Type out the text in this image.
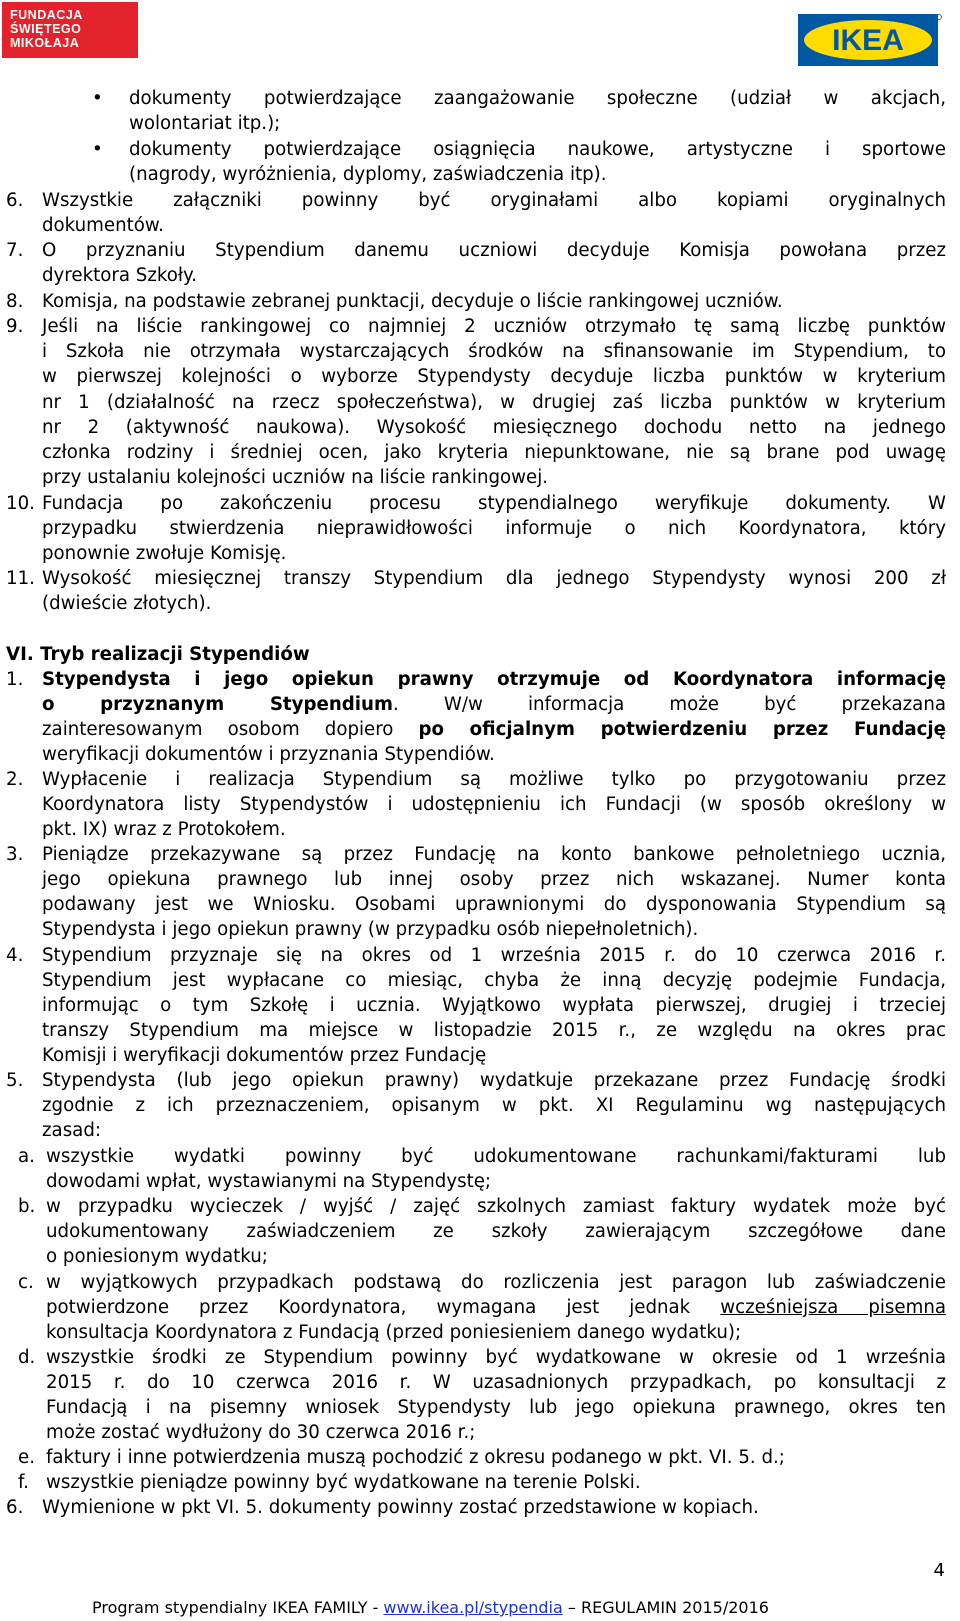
FUNDACJA
ŚWIĘTEGO
MIKOŁAJA	IKEA
• dokumenty potwierdzające zaangażowanie społeczne (udział w akcjach,
wolontariat itp.);
• dokumenty potwierdzające osiągnięcia naukowe, artystyczne i sportowe
(nagrody, wyróżnienia, dyplomy, zaświadczenia itp).
6. Wszystkie załączniki powinny być oryginałami albo kopiami oryginalnych
dokumentów.
7. O przyznaniu Stypendium danemu uczniowi decyduje Komisja powołana przez
dyrektora Szkoły.
8. Komisja, na podstawie zebranej punktacji, decyduje o liście rankingowej uczniów.
9. Jeśli na liście rankingowej co najmniej 2 uczniów otrzymało tę samą liczbę punktów
i Szkoła nie otrzymała wystarczających środków na sfinansowanie im Stypendium, to
w pierwszej kolejności o wyborze Stypendysty decyduje liczba punktów w kryterium
nr 1 (działalność na rzecz społeczeństwa), w drugiej zaś liczba punktów w kryterium
nr 2 (aktywność naukowa). Wysokość miesięcznego dochodu netto na jednego
członka rodziny i średniej ocen, jako kryteria niepunktowane, nie są brane pod uwagę
przy ustalaniu kolejności uczniów na liście rankingowej.
10. Fundacja po zakończeniu procesu stypendialnego weryfikuje dokumenty. W
przypadku stwierdzenia nieprawidłowości informuje o nich Koordynatora, który
ponownie zwołuje Komisję.
11. Wysokość miesięcznej transzy Stypendium dla jednego Stypendysty wynosi 200 zł
(dwieście złotych).
VI. Tryb realizacji Stypendiów
1. Stypendysta i jego opiekun prawny otrzymuje od Koordynatora informację
o przyznanym Stypendium. W/w informacja może być przekazana
zainteresowanym osobom dopiero po oficjalnym potwierdzeniu przez Fundację
weryfikacji dokumentów i przyznania Stypendiów.
2. Wypłacenie i realizacja Stypendium są możliwe tylko po przygotowaniu przez
Koordynatora listy Stypendystów i udostępnieniu ich Fundacji (w sposób określony w
pkt. IX) wraz z Protokołem.
3. Pieniądze przekazywane są przez Fundację na konto bankowe pełnoletniego ucznia,
jego opiekuna prawnego lub innej osoby przez nich wskazanej. Numer konta
podawany jest we Wniosku. Osobami uprawnionymi do dysponowania Stypendium są
Stypendysta i jego opiekun prawny (w przypadku osób niepełnoletnich).
4. Stypendium przyznaje się na okres od 1 września 2015 r. do 10 czerwca 2016 r.
Stypendium jest wypłacane co miesiąc, chyba że inną decyzję podejmie Fundacja,
informując o tym Szkołę i ucznia. Wyjątkowo wypłata pierwszej, drugiej i trzeciej
transzy Stypendium ma miejsce w listopadzie 2015 r., ze względu na okres prac
Komisji i weryfikacji dokumentów przez Fundację
5. Stypendysta (lub jego opiekun prawny) wydatkuje przekazane przez Fundację środki
zgodnie z ich przeznaczeniem, opisanym w pkt. XI Regulaminu wg następujących
zasad:
a. wszystkie wydatki powinny być udokumentowane rachunkami/fakturami lub
dowodami wpłat, wystawianymi na Stypendystę;
b. w przypadku wycieczek / wyjść / zajęć szkolnych zamiast faktury wydatek może być
udokumentowany zaświadczeniem ze szkoły zawierającym szczegółowe dane
o poniesionym wydatku;
c. w wyjątkowych przypadkach podstawą do rozliczenia jest paragon lub zaświadczenie
potwierdzone przez Koordynatora, wymagana jest jednak wcześniejsza pisemna
konsultacja Koordynatora z Fundacją (przed poniesieniem danego wydatku);
d. wszystkie środki ze Stypendium powinny być wydatkowane w okresie od 1 września
2015 r. do 10 czerwca 2016 r. W uzasadnionych przypadkach, po konsultacji z
Fundacją i na pisemny wniosek Stypendysty lub jego opiekuna prawnego, okres ten
może zostać wydłużony do 30 czerwca 2016 r.;
e. faktury i inne potwierdzenia muszą pochodzić z okresu podanego w pkt. VI. 5. d.;
f. wszystkie pieniądze powinny być wydatkowane na terenie Polski.
6. Wymienione w pkt VI. 5. dokumenty powinny zostać przedstawione w kopiach.
4
Program stypendialny IKEA FAMILY - www.ikea.pl/stypendia – REGULAMIN 2015/2016
